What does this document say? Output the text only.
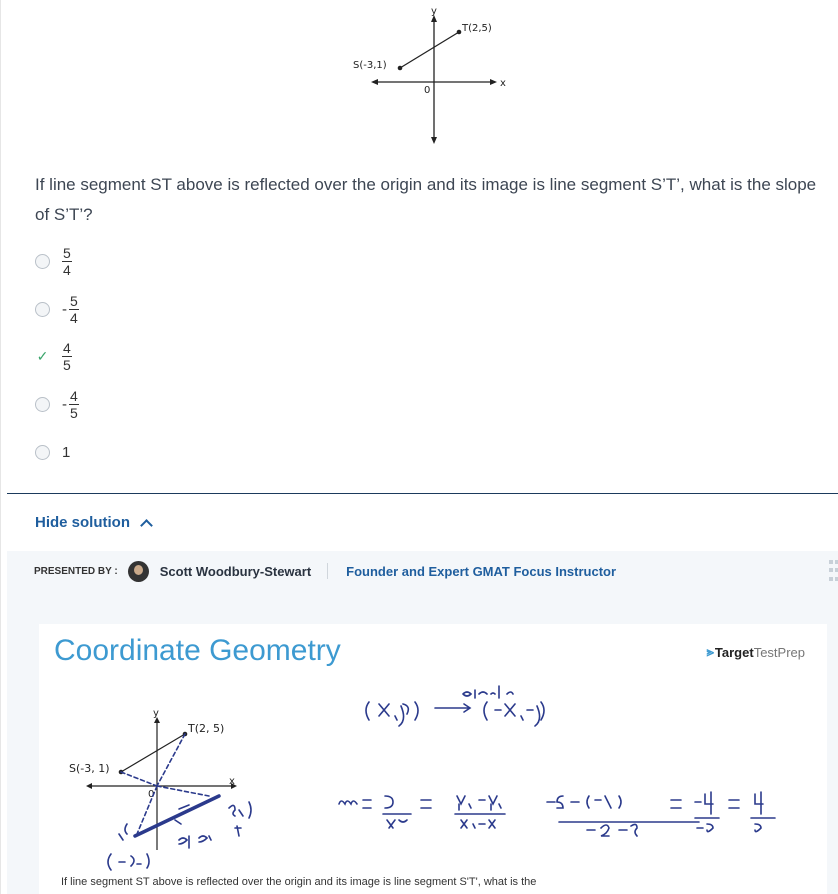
y
x
0
S(-3,1)
T(2,5)
If line segment ST above is reflected over the origin and its image is line segment S’T’, what is the slope of S’T’?
$\frac{5}{4}$
- $\frac{5}{4}$
✓ $\frac{4}{5}$
- $\frac{4}{5}$
1
Hide solution
PRESENTED BY :	Scott Woodbury-Stewart	Founder and Expert GMAT Focus Instructor
Coordinate Geometry	⪢ Target TestPrep
y
x
0
S(-3, 1)
T(2, 5)
If line segment ST above is reflected over the origin and its image is line segment S'T', what is the
